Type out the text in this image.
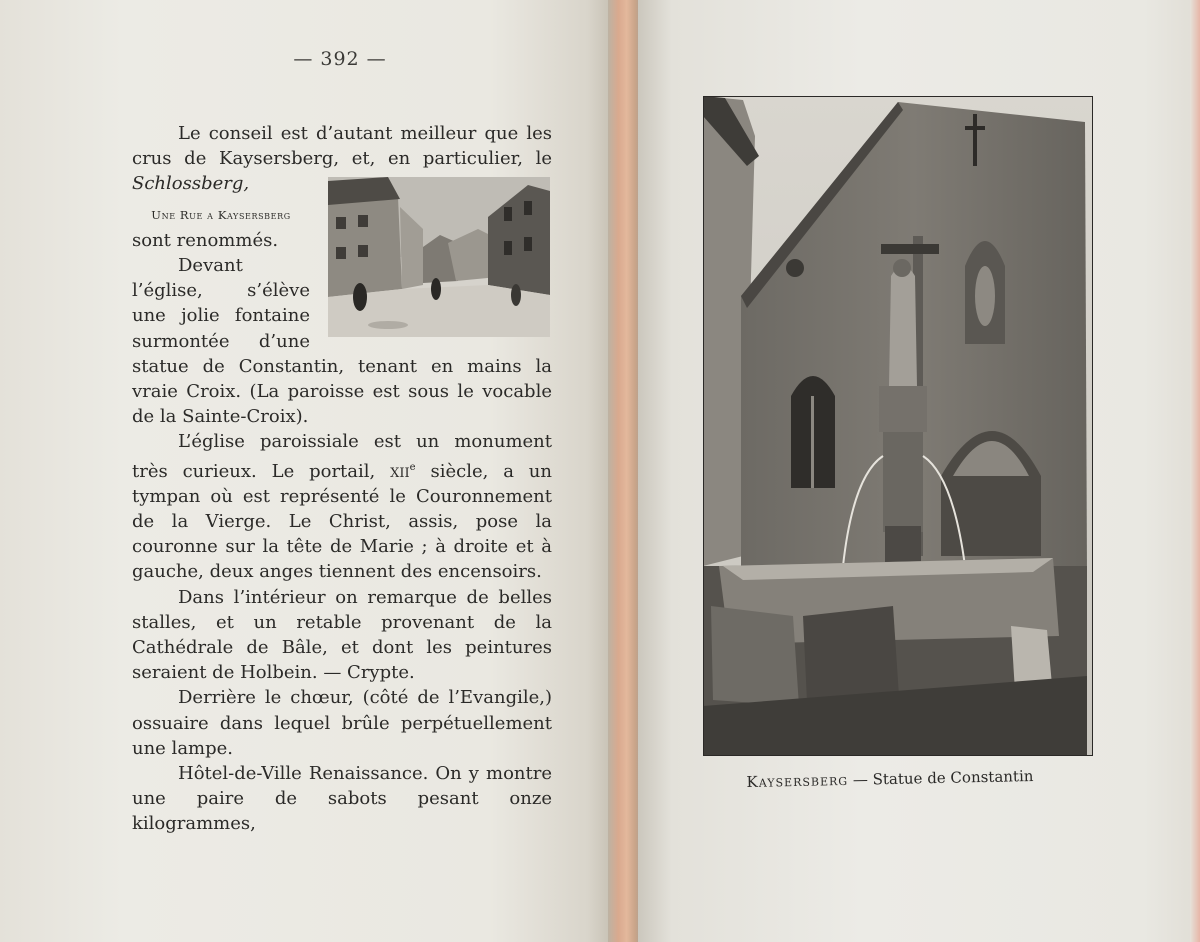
— 392 —

Le conseil est d’autant meilleur que les crus de Kaysersberg, et, en particulier, le Schlossberg,

Une Rue a Kaysersberg
sont renommés.

Devant l’église, s’élève une jolie fontaine surmontée d’une statue de Constantin, tenant en mains la vraie Croix. (La paroisse est sous le vocable de la Sainte-Croix).

L’église paroissiale est un monument très curieux. Le portail, xii$^e$ siècle, a un tympan où est représenté le Couronnement de la Vierge. Le Christ, assis, pose la couronne sur la tête de Marie ; à droite et à gauche, deux anges tiennent des encensoirs.

Dans l’intérieur on remarque de belles stalles, et un retable provenant de la Cathédrale de Bâle, et dont les peintures seraient de Holbein. — Crypte.

Derrière le chœur, (côté de l’Evangile,) ossuaire dans lequel brûle perpétuellement une lampe.

Hôtel-de-Ville Renaissance. On y montre une paire de sabots pesant onze kilogrammes,

Kaysersberg — Statue de Constantin
